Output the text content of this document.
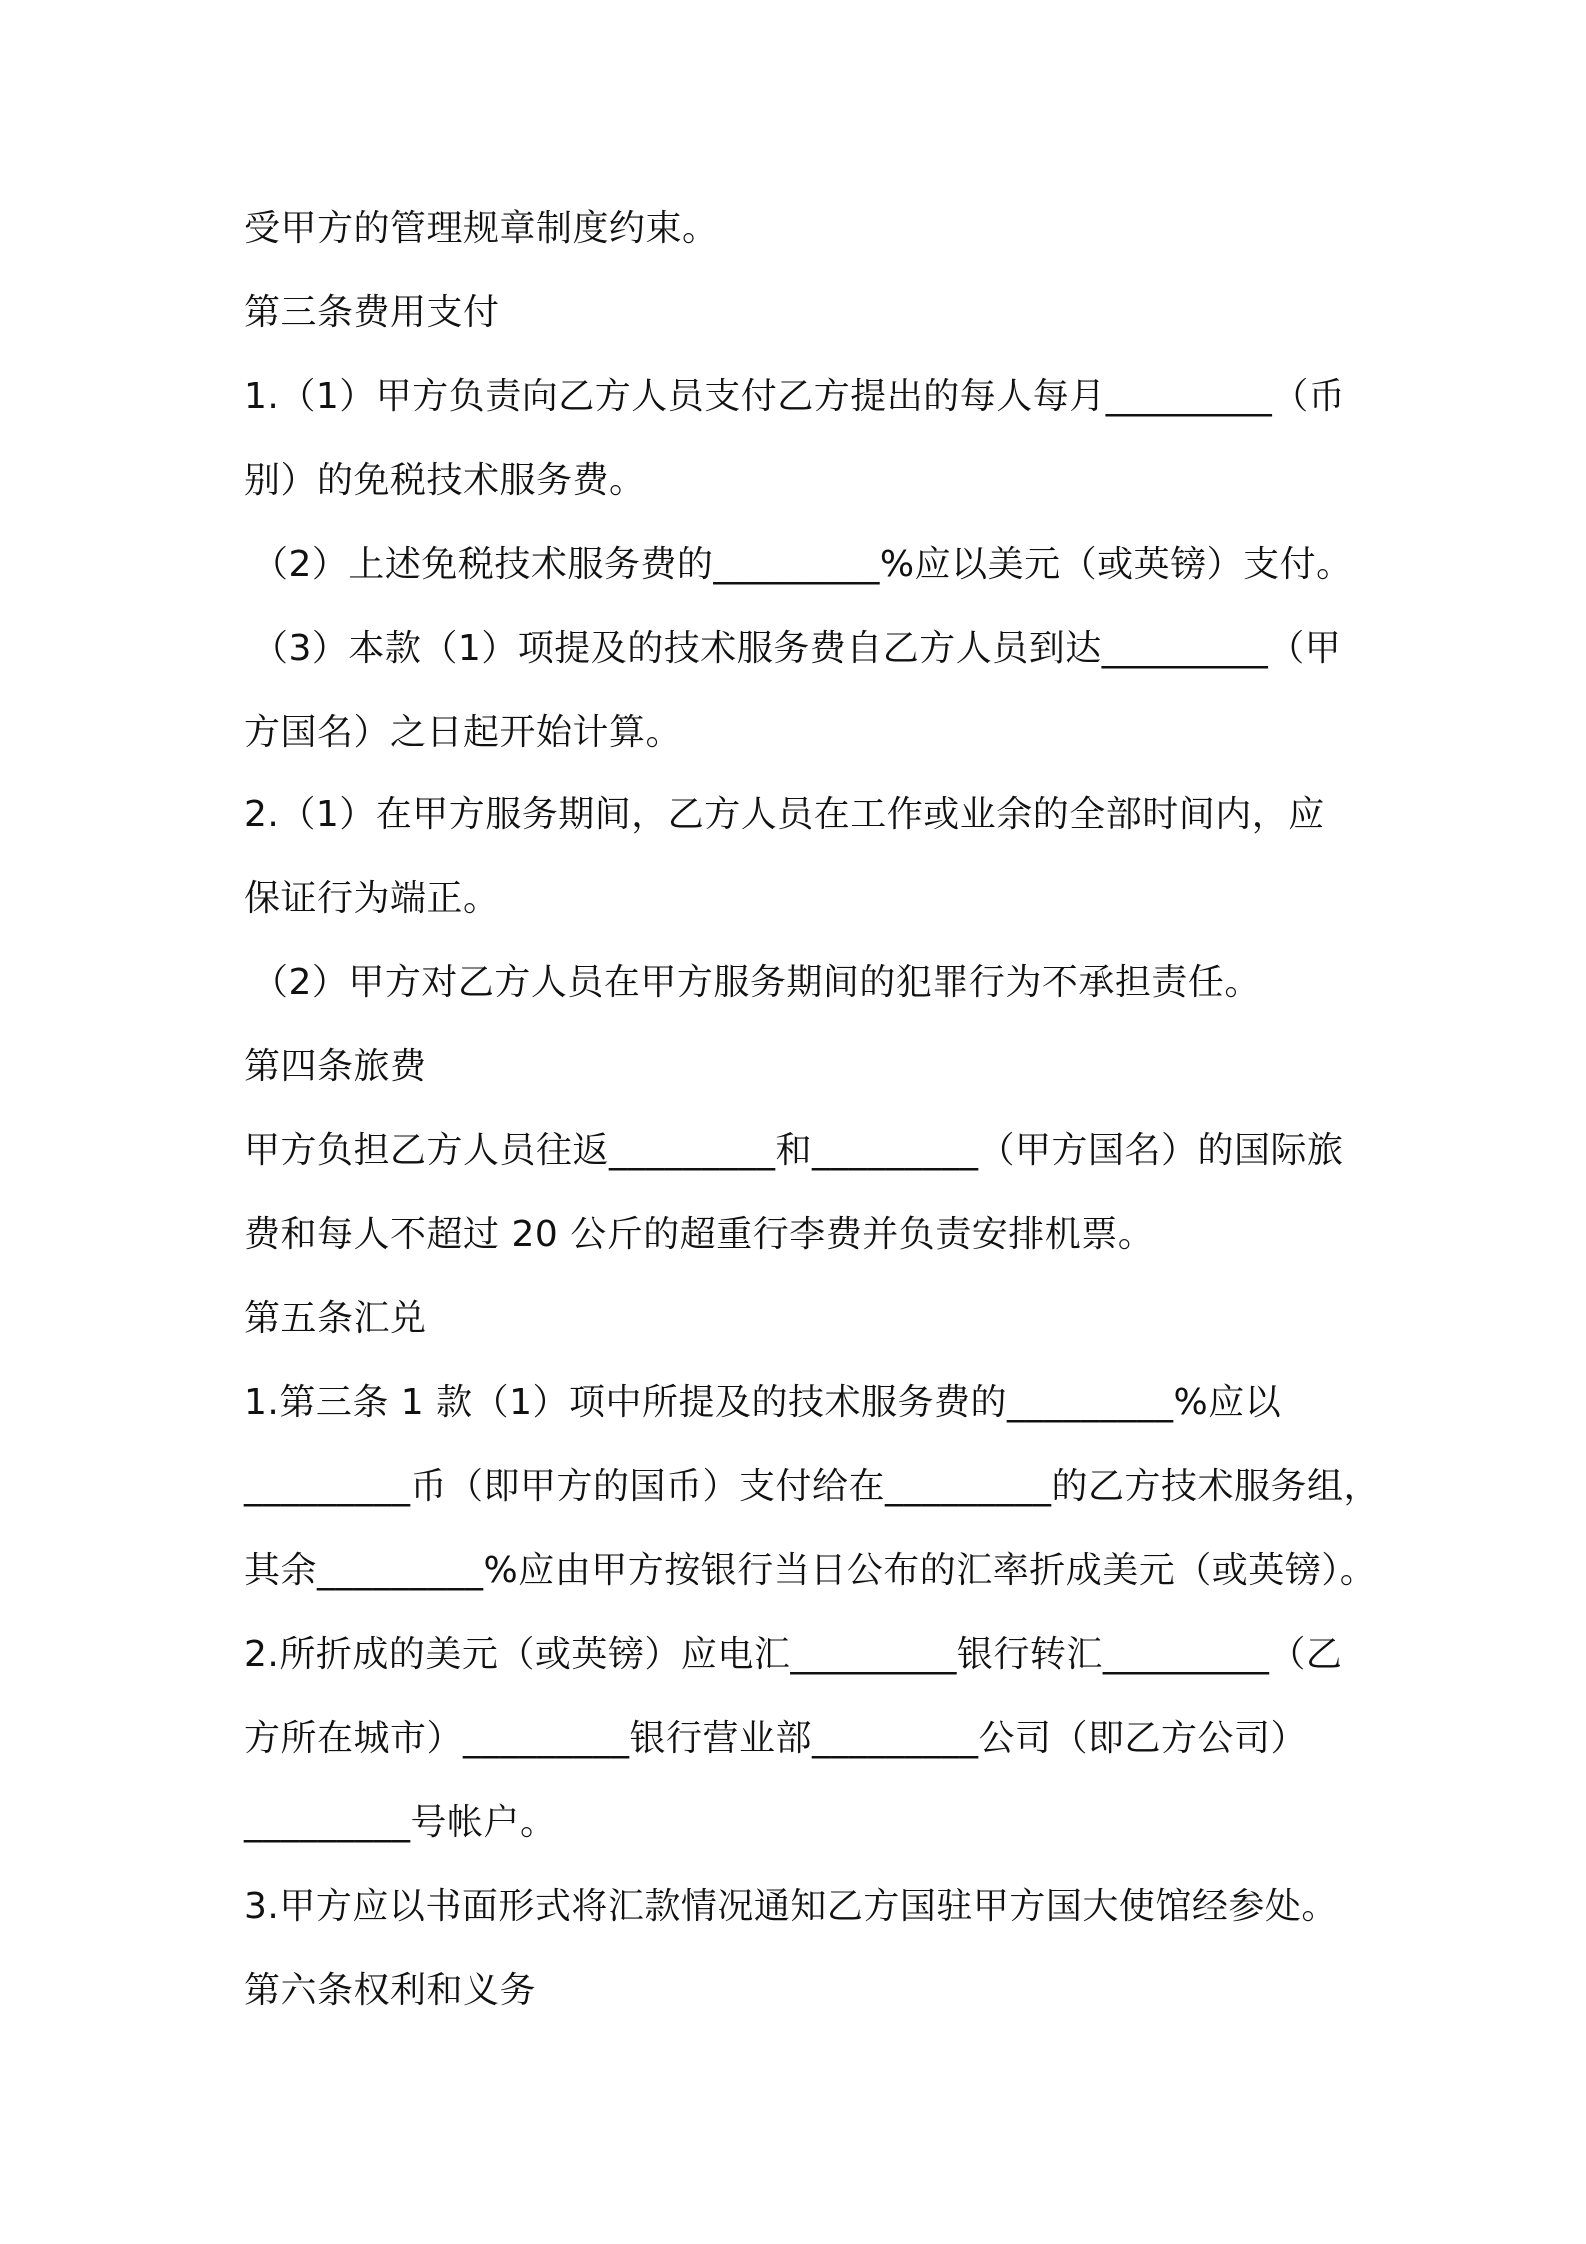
受甲方的管理规章制度约束。
第三条费用支付
1.（1）甲方负责向乙方人员支付乙方提出的每人每月_________（币
别）的免税技术服务费。
（2）上述免税技术服务费的_________%应以美元（或英镑）支付。
（3）本款（1）项提及的技术服务费自乙方人员到达_________（甲
方国名）之日起开始计算。
2.（1）在甲方服务期间，乙方人员在工作或业余的全部时间内，应
保证行为端正。
（2）甲方对乙方人员在甲方服务期间的犯罪行为不承担责任。
第四条旅费
甲方负担乙方人员往返_________和_________（甲方国名）的国际旅
费和每人不超过 20 公斤的超重行李费并负责安排机票。
第五条汇兑
1.第三条 1 款（1）项中所提及的技术服务费的_________%应以
_________币（即甲方的国币）支付给在_________的乙方技术服务组，
其余_________%应由甲方按银行当日公布的汇率折成美元（或英镑）。
2.所折成的美元（或英镑）应电汇_________银行转汇_________（乙
方所在城市）_________银行营业部_________公司（即乙方公司）
_________号帐户。
3.甲方应以书面形式将汇款情况通知乙方国驻甲方国大使馆经参处。
第六条权利和义务
